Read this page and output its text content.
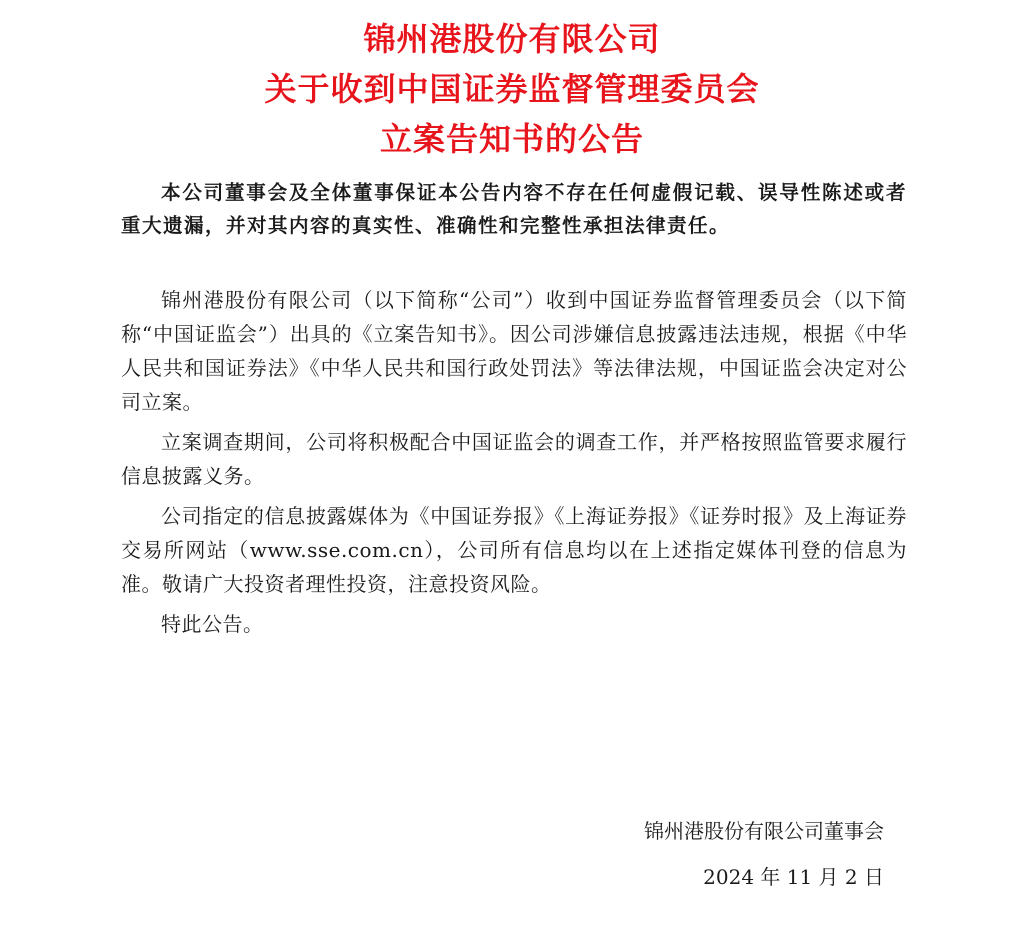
锦州港股份有限公司
关于收到中国证券监督管理委员会
立案告知书的公告

本公司董事会及全体董事保证本公告内容不存在任何虚假记载、误导性陈述或者重大遗漏，并对其内容的真实性、准确性和完整性承担法律责任。

锦州港股份有限公司（以下简称“公司”）收到中国证券监督管理委员会（以下简称“中国证监会”）出具的《立案告知书》。因公司涉嫌信息披露违法违规，根据《中华人民共和国证券法》《中华人民共和国行政处罚法》等法律法规，中国证监会决定对公司立案。

立案调查期间，公司将积极配合中国证监会的调查工作，并严格按照监管要求履行信息披露义务。

公司指定的信息披露媒体为《中国证券报》《上海证券报》《证券时报》及上海证券交易所网站（www.sse.com.cn），公司所有信息均以在上述指定媒体刊登的信息为准。敬请广大投资者理性投资，注意投资风险。

特此公告。

锦州港股份有限公司董事会
2024 年 11 月 2 日
